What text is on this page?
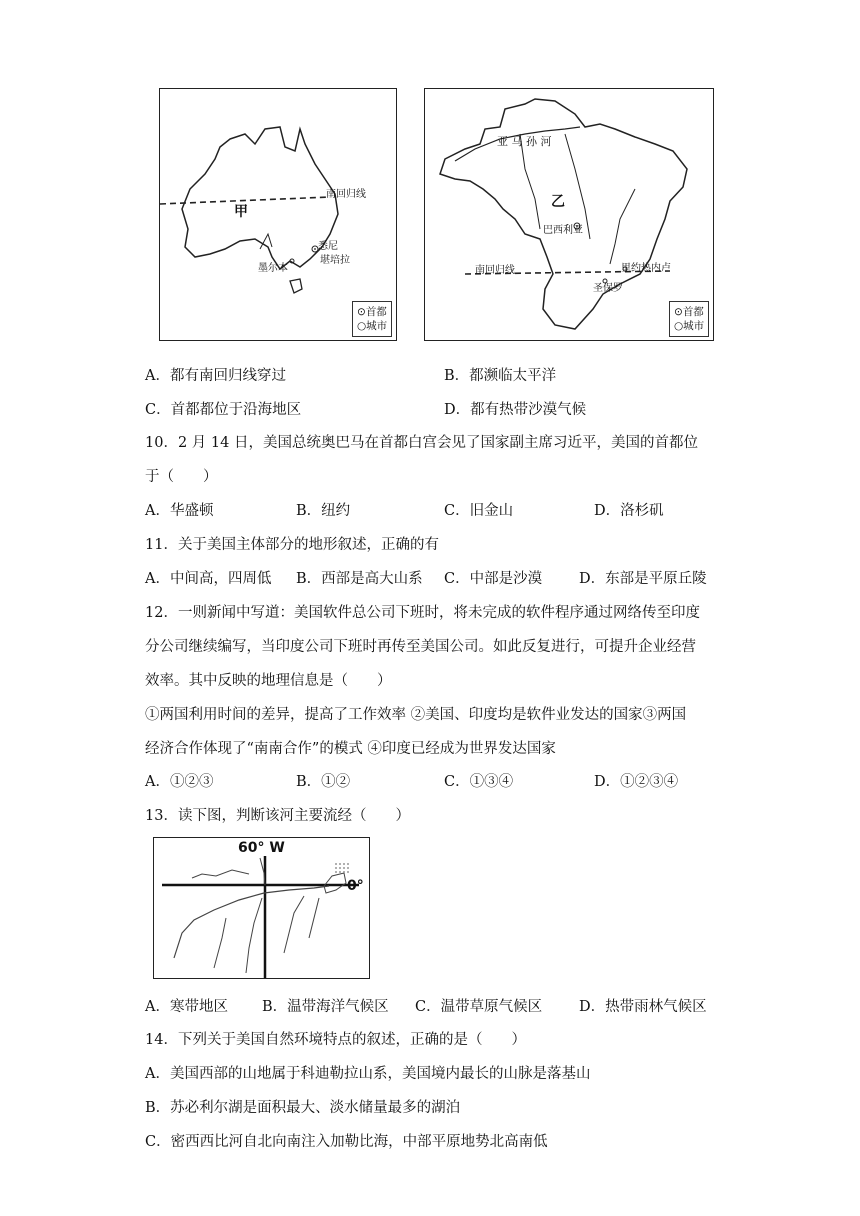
甲
南回归线
悉尼
堪培拉
墨尔本
⊙首都
○城市
亚 马 孙 河
乙
巴西利亚
里约热内卢
圣保罗
南回归线
⊙首都
○城市
A．都有南回归线穿过	B．都濒临太平洋
C．首都都位于沿海地区	D．都有热带沙漠气候
10．2 月 14 日，美国总统奥巴马在首都白宫会见了国家副主席习近平，美国的首都位
于（　　）
A．华盛顿	B．纽约	C．旧金山	D．洛杉矶
11．关于美国主体部分的地形叙述，正确的有
A．中间高，四周低 B．西部是高大山系 C．中部是沙漠	D．东部是平原丘陵
12．一则新闻中写道：美国软件总公司下班时，将未完成的软件程序通过网络传至印度
分公司继续编写，当印度公司下班时再传至美国公司。如此反复进行，可提升企业经营
效率。其中反映的地理信息是（　　）
①两国利用时间的差异，提高了工作效率 ②美国、印度均是软件业发达的国家③两国
经济合作体现了“南南合作”的模式 ④印度已经成为世界发达国家
A．①②③	B．①②	C．①③④	D．①②③④
13．读下图，判断该河主要流经（　　）
60° W
0°
A．寒带地区 B．温带海洋气候区 C．温带草原气候区	D．热带雨林气候区
14．下列关于美国自然环境特点的叙述，正确的是（　　）
A．美国西部的山地属于科迪勒拉山系，美国境内最长的山脉是落基山
B．苏必利尔湖是面积最大、淡水储量最多的湖泊
C．密西西比河自北向南注入加勒比海，中部平原地势北高南低
